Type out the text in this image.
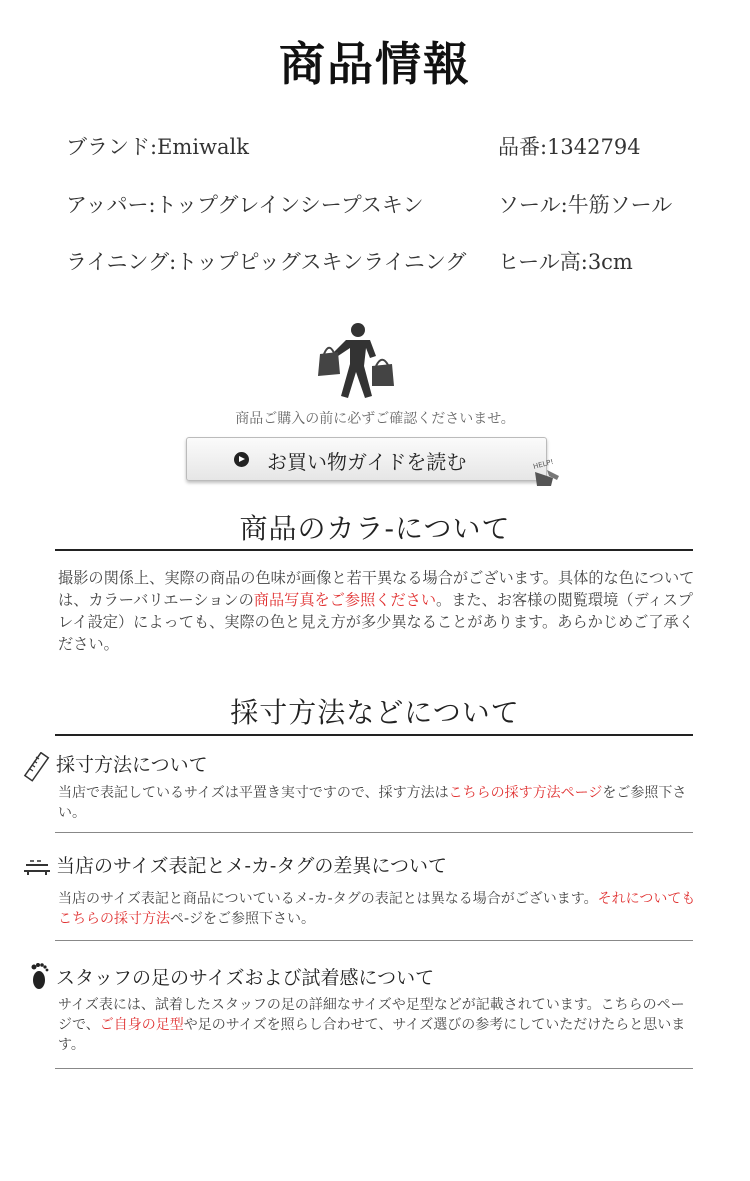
商品情報
ブランド:Emiwalk	品番:1342794
アッパー:トップグレインシープスキン	ソール:牛筋ソール
ライニング:トップピッグスキンライニング ヒール高:3cm
商品ご購入の前に必ずご確認くださいませ。
お買い物ガイドを読む	HELP!
商品のカラ-について
撮影の関係上、実際の商品の色味が画像と若干異なる場合がございます。具体的な色については、カラーバリエーションの商品写真をご参照ください。また、お客様の閲覧環境（ディスプレイ設定）によっても、実際の色と見え方が多少異なることがあります。あらかじめご了承ください。
採寸方法などについて
採寸方法について
当店で表記しているサイズは平置き実寸ですので、採す方法はこちらの採す方法ページをご参照下さい。
当店のサイズ表記とメ-カ-タグの差異について
当店のサイズ表記と商品についているメ-カ-タグの表記とは異なる場合がございます。それについてもこちらの採寸方法ペ-ジをご参照下さい。
スタッフの足のサイズおよび試着感について
サイズ表には、試着したスタッフの足の詳細なサイズや足型などが記載されています。こちらのページで、ご自身の足型や足のサイズを照らし合わせて、サイズ選びの参考にしていただけたらと思います。
